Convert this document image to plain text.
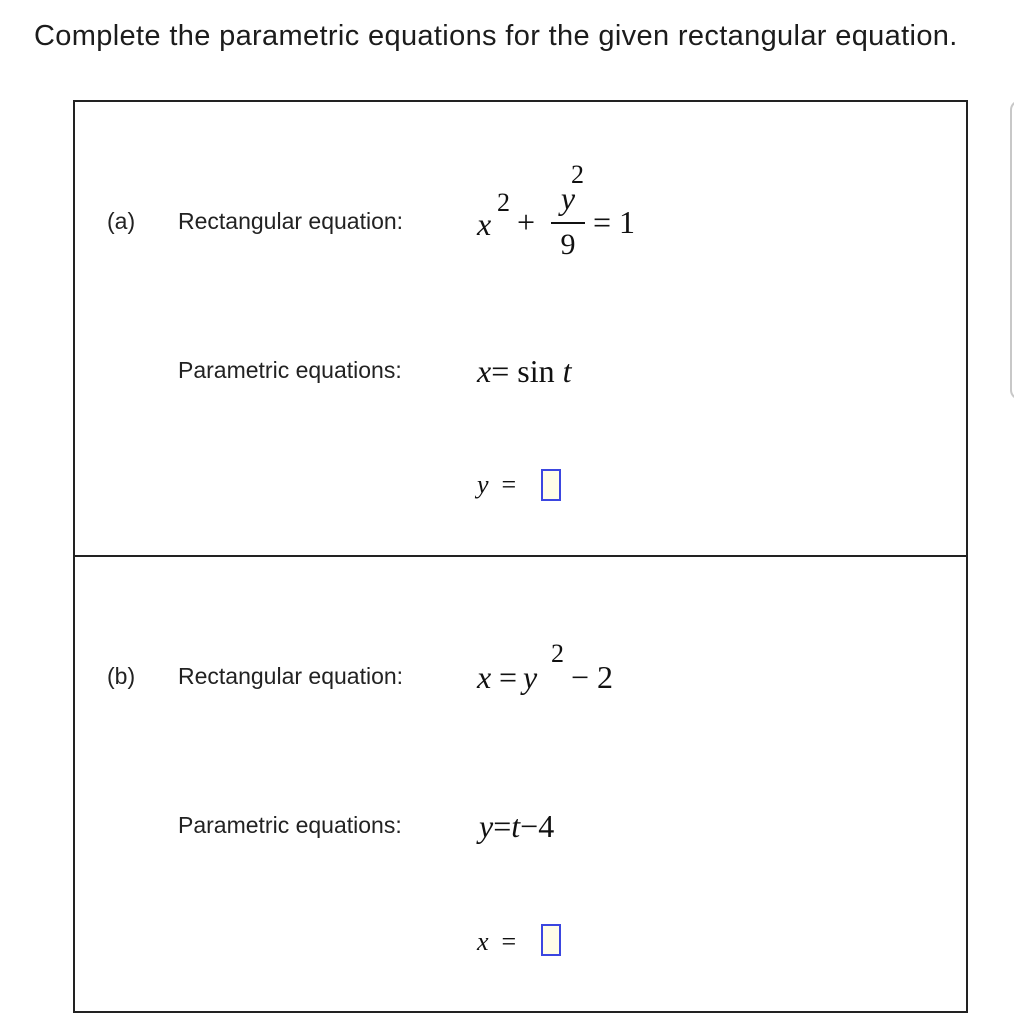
Complete the parametric equations for the given rectangular equation.
(a) Rectangular equation: x
2
+
y
2
9
= 1
Parametric equations: x= sin t
y =
(b) Rectangular equation: x = y
2
− 2
Parametric equations: y=t−4
x =
